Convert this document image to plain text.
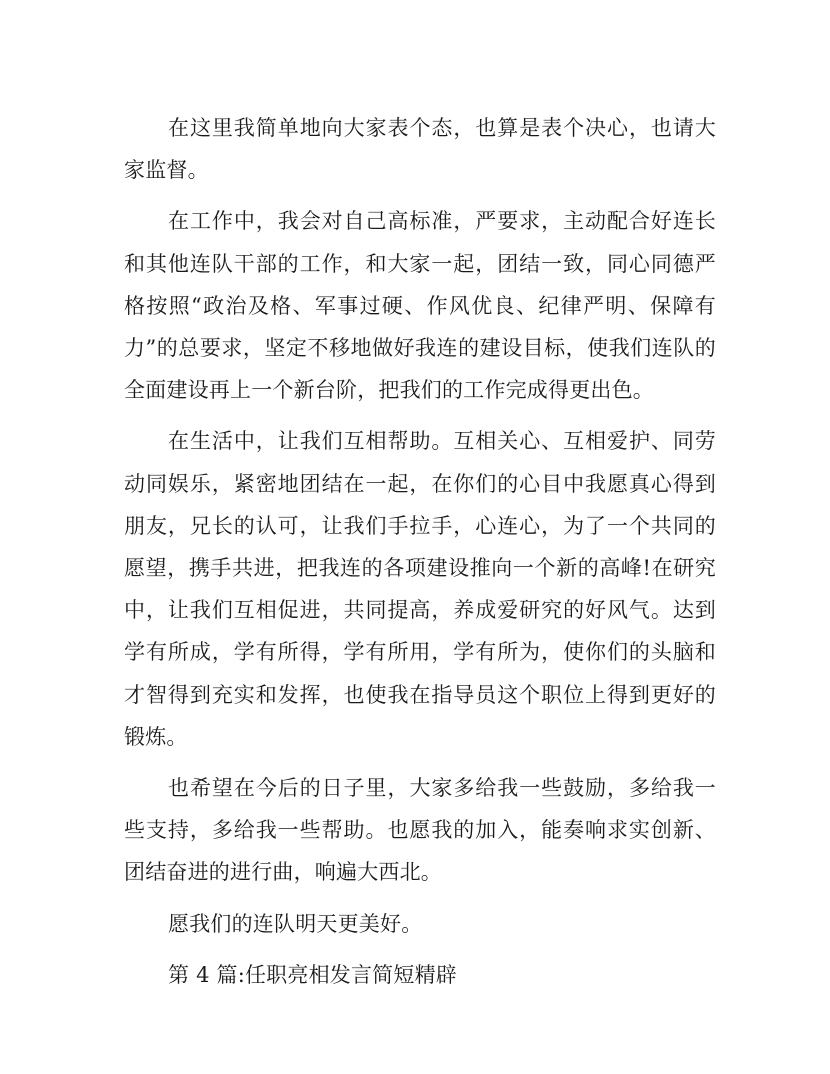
在这里我简单地向大家表个态，也算是表个决心，也请大家监督。

在工作中，我会对自己高标准，严要求，主动配合好连长和其他连队干部的工作，和大家一起，团结一致，同心同德严格按照“政治及格、军事过硬、作风优良、纪律严明、保障有力”的总要求，坚定不移地做好我连的建设目标，使我们连队的全面建设再上一个新台阶，把我们的工作完成得更出色。

在生活中，让我们互相帮助。互相关心、互相爱护、同劳动同娱乐，紧密地团结在一起，在你们的心目中我愿真心得到朋友，兄长的认可，让我们手拉手，心连心，为了一个共同的愿望，携手共进，把我连的各项建设推向一个新的高峰!在研究中，让我们互相促进，共同提高，养成爱研究的好风气。达到学有所成，学有所得，学有所用，学有所为，使你们的头脑和才智得到充实和发挥，也使我在指导员这个职位上得到更好的锻炼。

也希望在今后的日子里，大家多给我一些鼓励，多给我一些支持，多给我一些帮助。也愿我的加入，能奏响求实创新、团结奋进的进行曲，响遍大西北。

愿我们的连队明天更美好。

第 4 篇:任职亮相发言简短精辟
